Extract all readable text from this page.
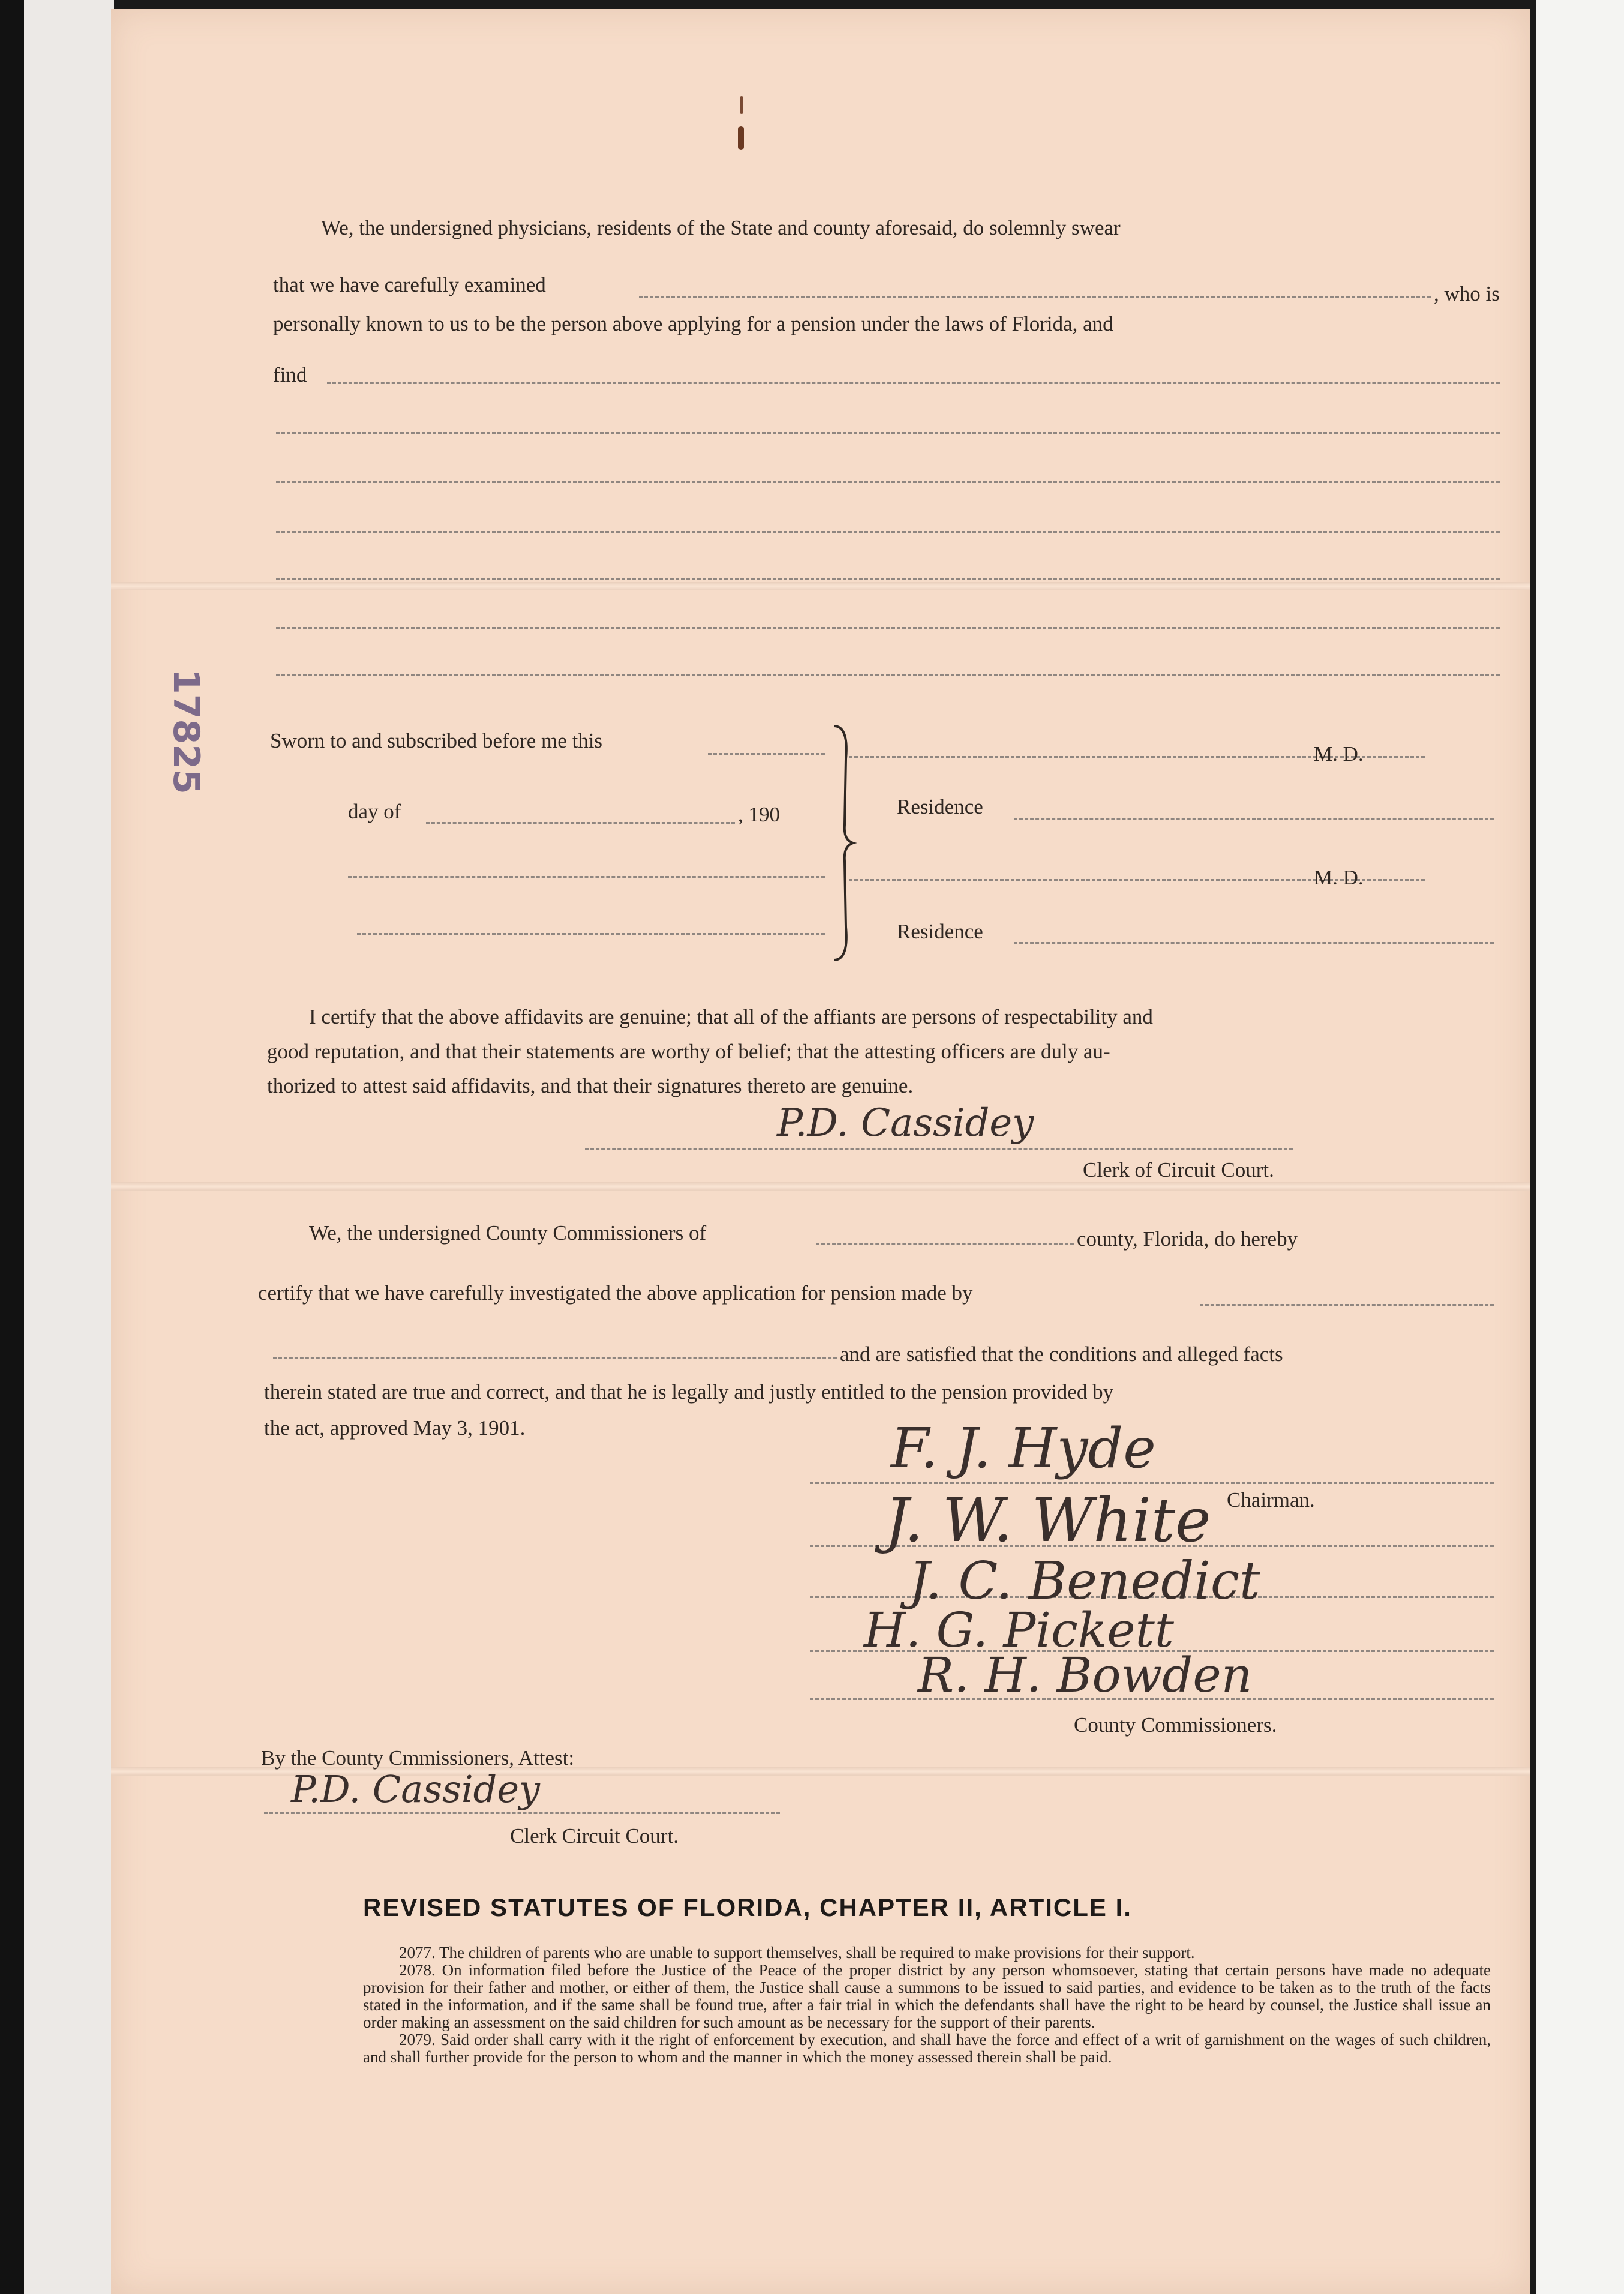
17825
We, the undersigned physicians, residents of the State and county aforesaid, do solemnly swear
that we have carefully examined	, who is
personally known to us to be the person above applying for a pension under the laws of Florida, and
find
Sworn to and subscribed before me this
day of	, 190
M. D.
Residence
M. D.
Residence
I certify that the above affidavits are genuine; that all of the affiants are persons of respectability and
good reputation, and that their statements are worthy of belief; that the attesting officers are duly au-
thorized to attest said affidavits, and that their signatures thereto are genuine.
P.D. Cassidey
Clerk of Circuit Court.
We, the undersigned County Commissioners of	county, Florida, do hereby
certify that we have carefully investigated the above application for pension made by
and are satisfied that the conditions and alleged facts
therein stated are true and correct, and that he is legally and justly entitled to the pension provided by
the act, approved May 3, 1901.	F. J. Hyde
Chairman.
J. W. White
J. C. Benedict
H. G. Pickett
R. H. Bowden
County Commissioners.
By the County Cmmissioners, Attest:
P.D. Cassidey
Clerk Circuit Court.
REVISED STATUTES OF FLORIDA, CHAPTER II, ARTICLE I.

2077. The children of parents who are unable to support themselves, shall be required to make provisions for their support.

2078. On information filed before the Justice of the Peace of the proper district by any person whomsoever, stating that certain persons have made no adequate provision for their father and mother, or either of them, the Justice shall cause a summons to be issued to said parties, and evidence to be taken as to the truth of the facts stated in the information, and if the same shall be found true, after a fair trial in which the defendants shall have the right to be heard by counsel, the Justice shall issue an order making an assessment on the said children for such amount as be necessary for the support of their parents.

2079. Said order shall carry with it the right of enforcement by execution, and shall have the force and effect of a writ of garnishment on the wages of such children, and shall further provide for the person to whom and the manner in which the money assessed therein shall be paid.
